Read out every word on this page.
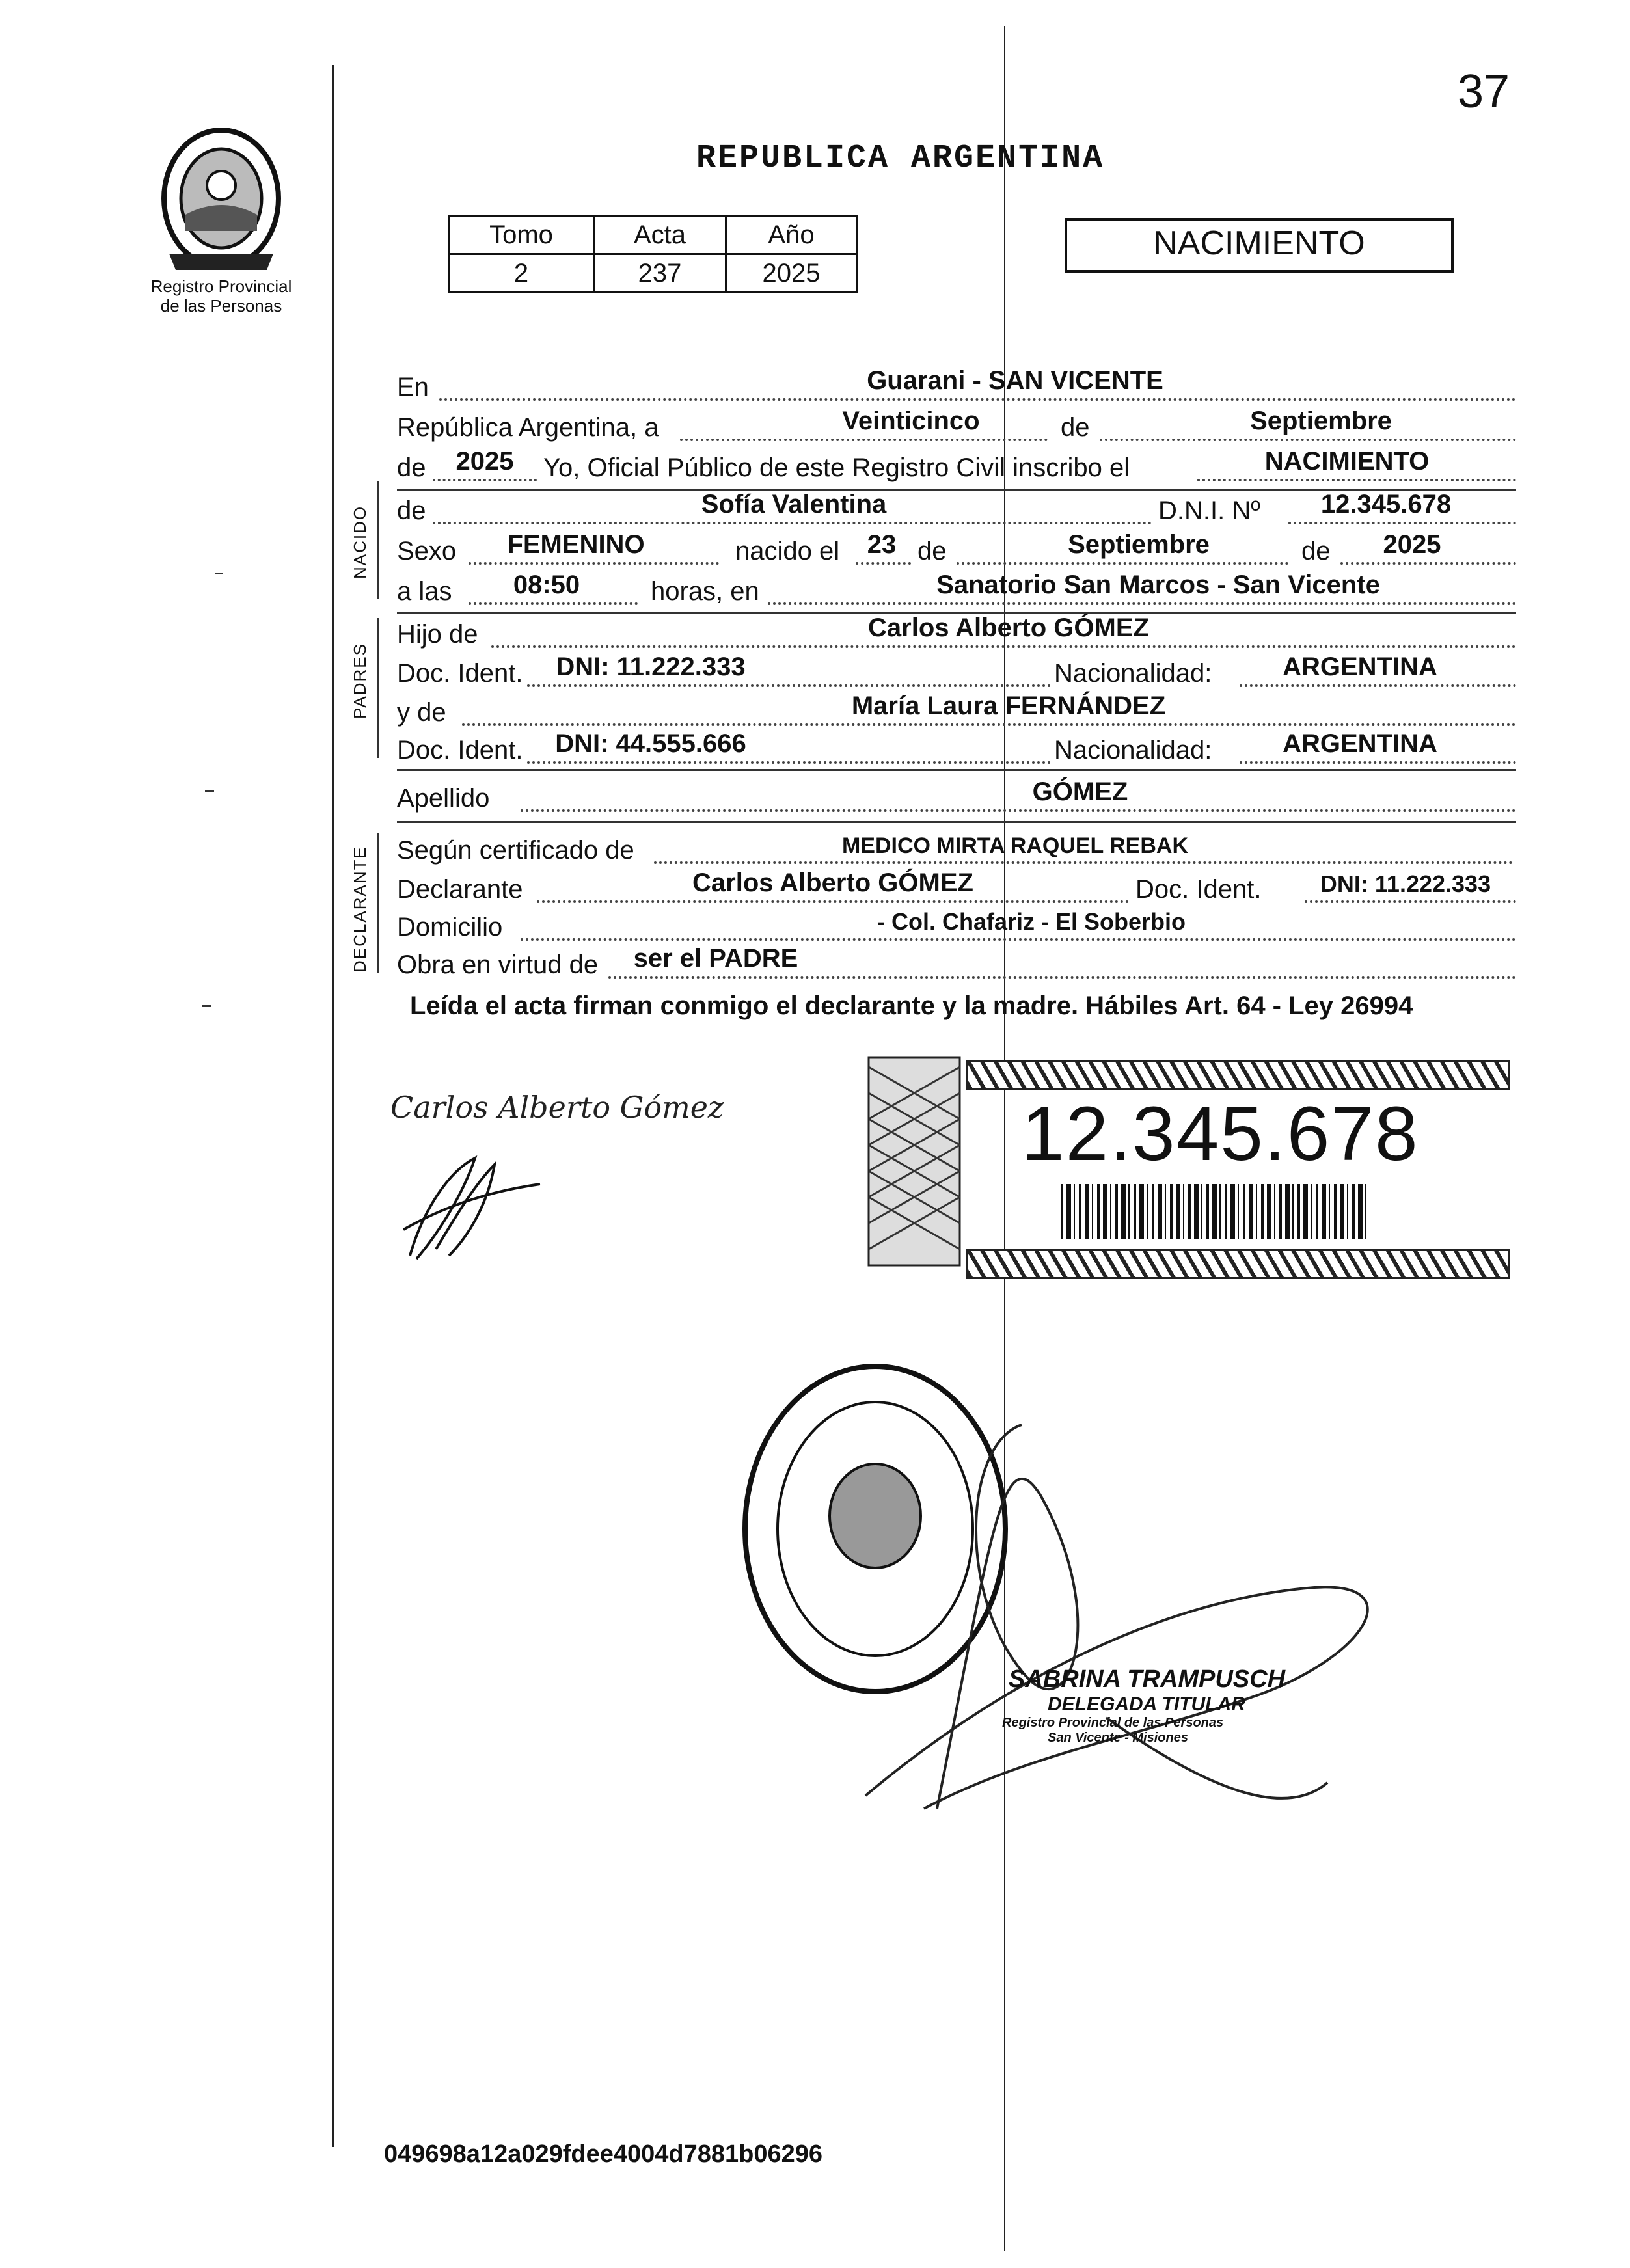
37
Registro Provincial
de las Personas
REPUBLICA ARGENTINA
Tomo	Acta	Año
2	237	2025
NACIMIENTO
NACIDO
PADRES
DECLARANTE
En	Guarani - SAN VICENTE
República Argentina, a	Veinticinco	de	Septiembre
de	2025	Yo, Oficial Público de este Registro Civil inscribo el	NACIMIENTO
de	Sofía Valentina	D.N.I. Nº	12.345.678
Sexo	FEMENINO	nacido el	23 de	Septiembre	de	2025
a las	08:50	horas, en	Sanatorio San Marcos - San Vicente
Hijo de	Carlos Alberto GÓMEZ
Doc. Ident.	DNI: 11.222.333	Nacionalidad:	ARGENTINA
y de	María Laura FERNÁNDEZ
Doc. Ident.	DNI: 44.555.666	Nacionalidad:	ARGENTINA
Apellido	GÓMEZ
Según certificado de	MEDICO MIRTA RAQUEL REBAK
Declarante	Carlos Alberto GÓMEZ	Doc. Ident.	DNI: 11.222.333
Domicilio	- Col. Chafariz - El Soberbio
Obra en virtud de	ser el PADRE
Leída el acta firman conmigo el declarante y la madre. Hábiles Art. 64 - Ley 26994
Carlos Alberto Gómez	12.345.678
SABRINA TRAMPUSCH
DELEGADA TITULAR
Registro Provincial de las Personas
San Vicente - Misiones
049698a12a029fdee4004d7881b06296
